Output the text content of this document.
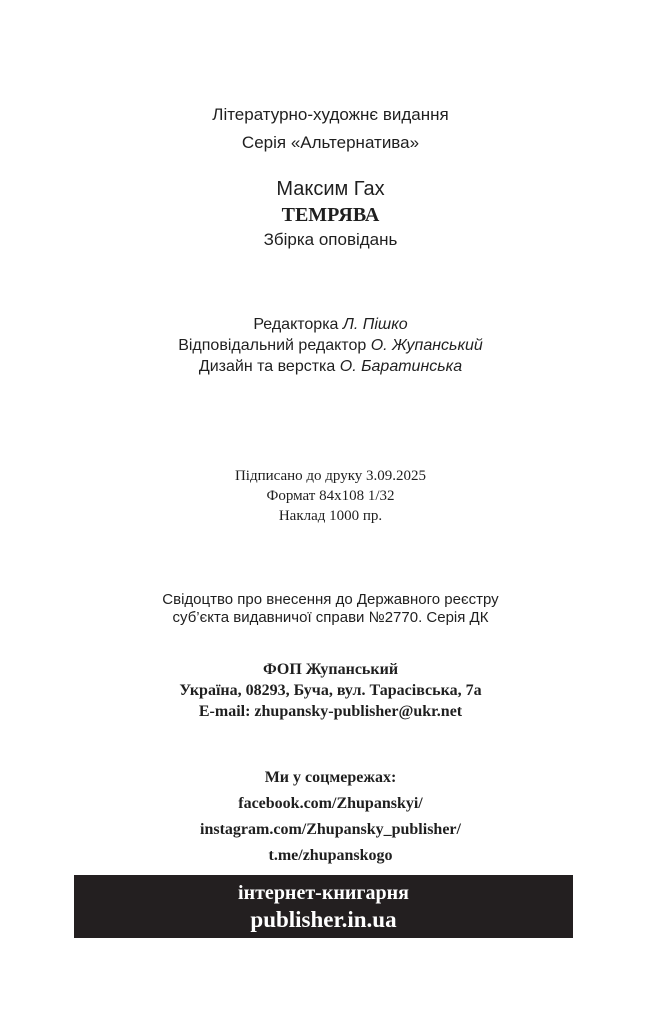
Літературно-художнє видання
Серія «Альтернатива»
Максим Гах
ТЕМРЯВА
Збірка оповідань
Редакторка Л. Пішко
Відповідальний редактор О. Жупанський
Дизайн та верстка О. Баратинська
Підписано до друку 3.09.2025
Формат 84х108 1/32
Наклад 1000 пр.
Свідоцтво про внесення до Державного реєстру
суб’єкта видавничої справи №2770. Серія ДК
ФОП Жупанський
Україна, 08293, Буча, вул. Тарасівська, 7а
E-mail: zhupansky-publisher@ukr.net
Ми у соцмережах:
facebook.com/Zhupanskyi/
instagram.com/Zhupansky_publisher/
t.me/zhupanskogo
інтернет-книгарня
publisher.in.ua
